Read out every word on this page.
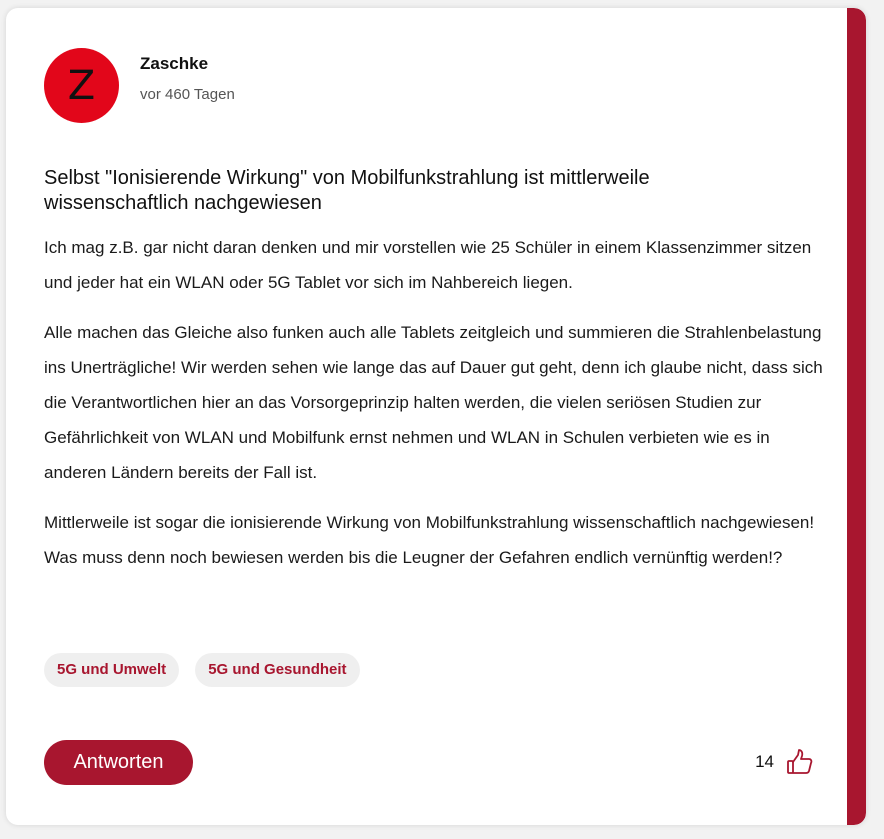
Z	Zaschke
vor 460 Tagen
Selbst "Ionisierende Wirkung" von Mobilfunkstrahlung ist mittlerweile wissenschaftlich nachgewiesen

Ich mag z.B. gar nicht daran denken und mir vorstellen wie 25 Schüler in einem Klassenzimmer sitzen und jeder hat ein WLAN oder 5G Tablet vor sich im Nahbereich liegen.

Alle machen das Gleiche also funken auch alle Tablets zeitgleich und summieren die Strahlenbelastung ins Unerträgliche! Wir werden sehen wie lange das auf Dauer gut geht, denn ich glaube nicht, dass sich die Verantwortlichen hier an das Vorsorgeprinzip halten werden, die vielen seriösen Studien zur Gefährlichkeit von WLAN und Mobilfunk ernst nehmen und WLAN in Schulen verbieten wie es in anderen Ländern bereits der Fall ist.

Mittlerweile ist sogar die ionisierende Wirkung von Mobilfunkstrahlung wissenschaftlich nachgewiesen! Was muss denn noch bewiesen werden bis die Leugner der Gefahren endlich vernünftig werden!?

5G und Umwelt	5G und Gesundheit
Antworten	14
